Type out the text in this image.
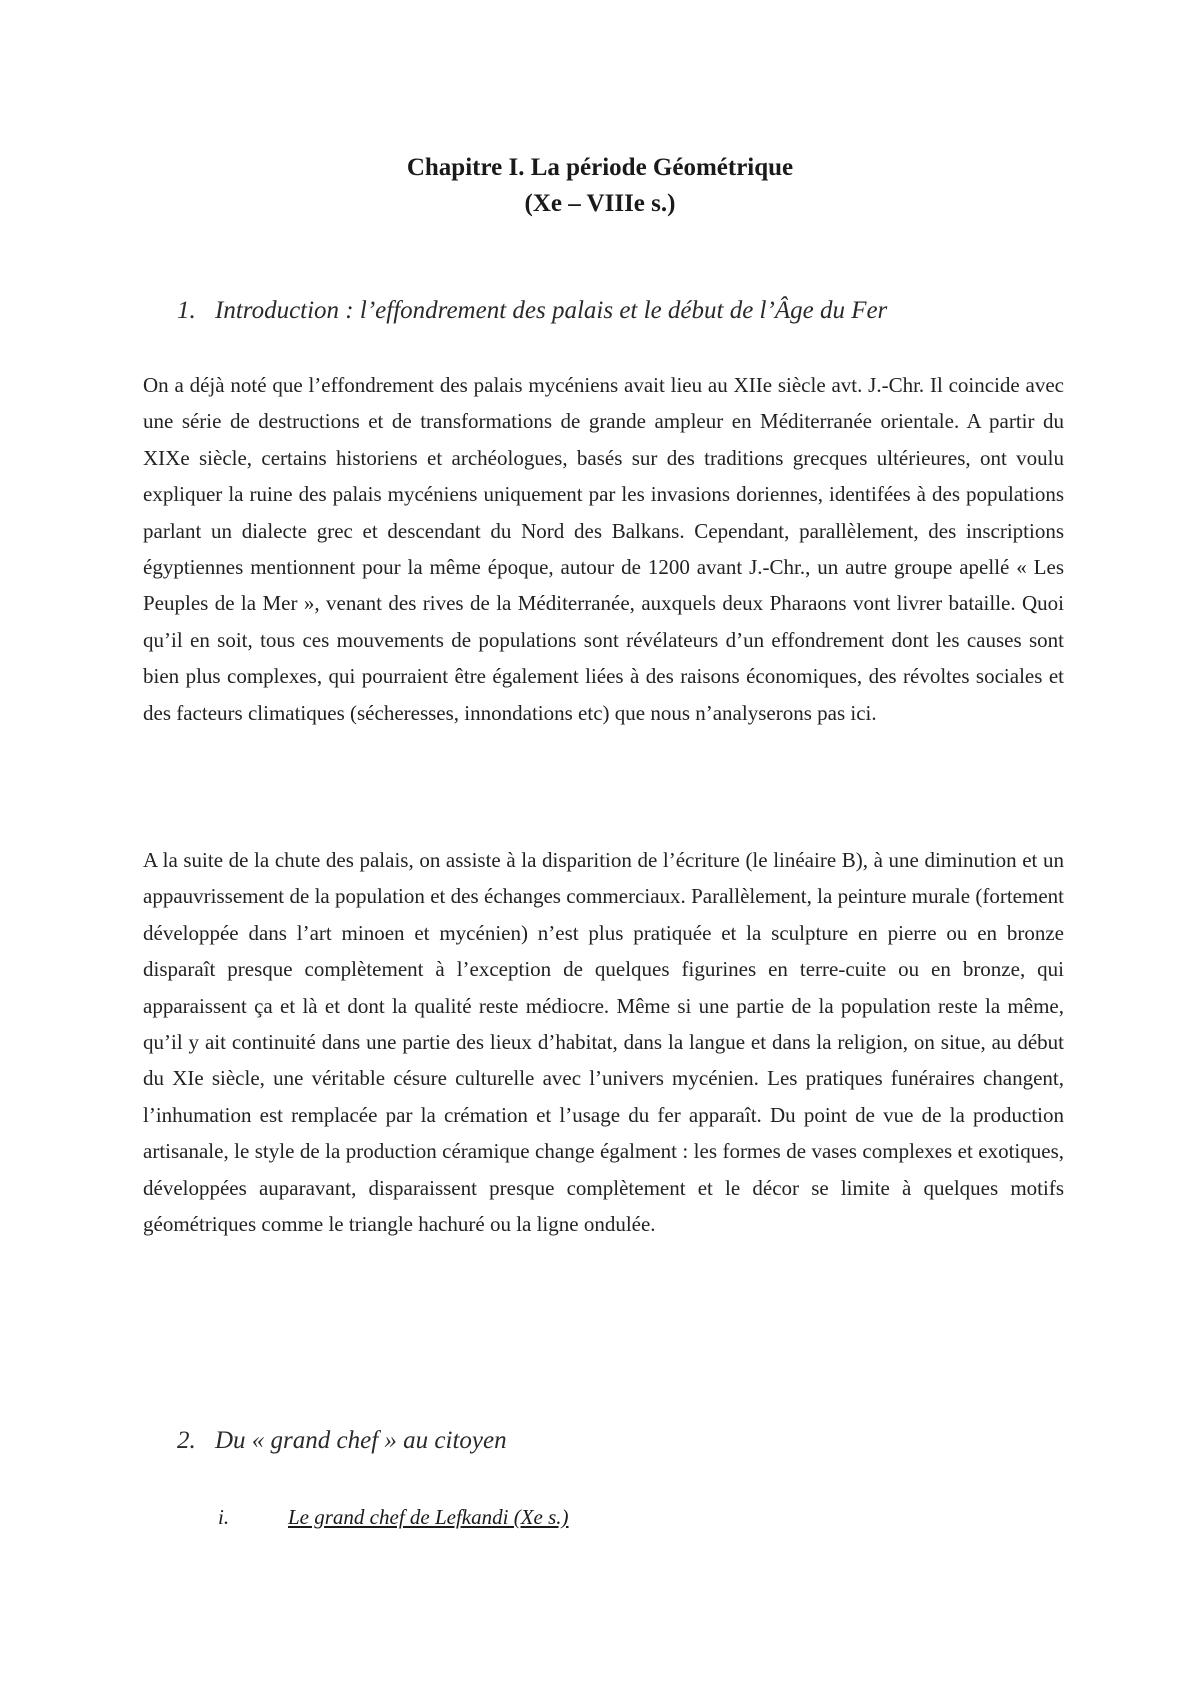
Chapitre I. La période Géométrique
(Xe – VIIIe s.)
1. Introduction : l’effondrement des palais et le début de l’Âge du Fer
On a déjà noté que l’effondrement des palais mycéniens avait lieu au XIIe siècle avt. J.-Chr. Il coincide avec une série de destructions et de transformations de grande ampleur en Méditerranée orientale. A partir du XIXe siècle, certains historiens et archéologues, basés sur des traditions grecques ultérieures, ont voulu expliquer la ruine des palais mycéniens uniquement par les invasions doriennes, identifées à des populations parlant un dialecte grec et descendant du Nord des Balkans. Cependant, parallèlement, des inscriptions égyptiennes mentionnent pour la même époque, autour de 1200 avant J.-Chr., un autre groupe apellé « Les Peuples de la Mer », venant des rives de la Méditerranée, auxquels deux Pharaons vont livrer bataille. Quoi qu’il en soit, tous ces mouvements de populations sont révélateurs d’un effondrement dont les causes sont bien plus complexes, qui pourraient être également liées à des raisons économiques, des révoltes sociales et des facteurs climatiques (sécheresses, innondations etc) que nous n’analyserons pas ici.
A la suite de la chute des palais, on assiste à la disparition de l’écriture (le linéaire B), à une diminution et un appauvrissement de la population et des échanges commerciaux. Parallèlement, la peinture murale (fortement développée dans l’art minoen et mycénien) n’est plus pratiquée et la sculpture en pierre ou en bronze disparaît presque complètement à l’exception de quelques figurines en terre-cuite ou en bronze, qui apparaissent ça et là et dont la qualité reste médiocre. Même si une partie de la population reste la même, qu’il y ait continuité dans une partie des lieux d’habitat, dans la langue et dans la religion, on situe, au début du XIe siècle, une véritable césure culturelle avec l’univers mycénien. Les pratiques funéraires changent, l’inhumation est remplacée par la crémation et l’usage du fer apparaît. Du point de vue de la production artisanale, le style de la production céramique change égalment : les formes de vases complexes et exotiques, développées auparavant, disparaissent presque complètement et le décor se limite à quelques motifs géométriques comme le triangle hachuré ou la ligne ondulée.
2. Du « grand chef » au citoyen
i.	Le grand chef de Lefkandi (Xe s.)
